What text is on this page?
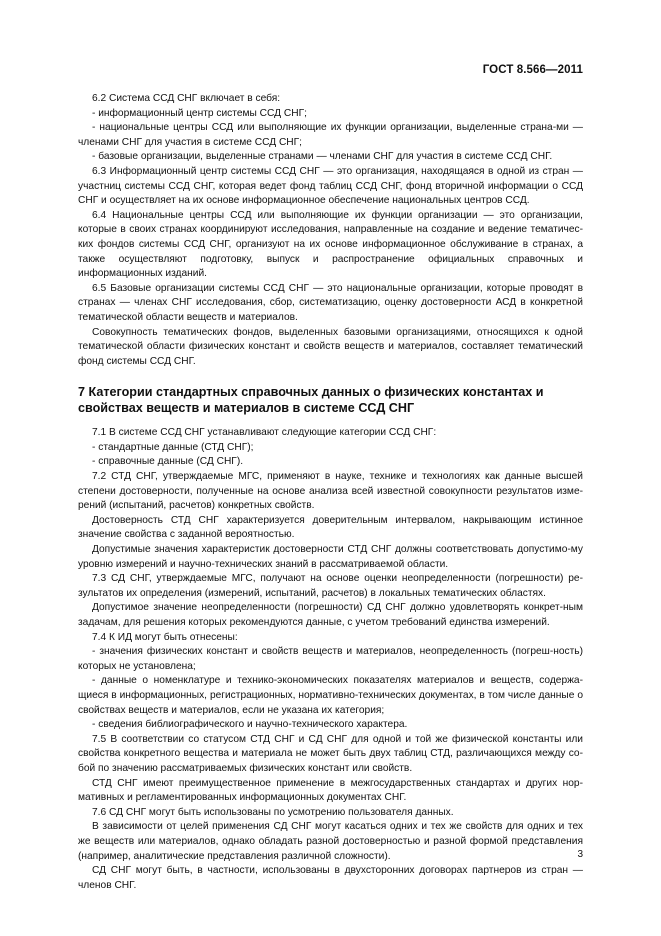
ГОСТ 8.566—2011

6.2 Система ССД СНГ включает в себя:

- информационный центр системы ССД СНГ;

- национальные центры ССД или выполняющие их функции организации, выделенные страна-ми — членами СНГ для участия в системе ССД СНГ;

- базовые организации, выделенные странами — членами СНГ для участия в системе ССД СНГ.

6.3 Информационный центр системы ССД СНГ — это организация, находящаяся в одной из стран — участниц системы ССД СНГ, которая ведет фонд таблиц ССД СНГ, фонд вторичной информации о ССД СНГ и осуществляет на их основе информационное обеспечение национальных центров ССД.

6.4 Национальные центры ССД или выполняющие их функции организации — это организации, которые в своих странах координируют исследования, направленные на создание и ведение тематичес-ких фондов системы ССД СНГ, организуют на их основе информационное обслуживание в странах, а также осуществляют подготовку, выпуск и распространение официальных справочных и информационных изданий.

6.5 Базовые организации системы ССД СНГ — это национальные организации, которые проводят в странах — членах СНГ исследования, сбор, систематизацию, оценку достоверности АСД в конкретной тематической области веществ и материалов.

Совокупность тематических фондов, выделенных базовыми организациями, относящихся к одной тематической области физических констант и свойств веществ и материалов, составляет тематический фонд системы ССД СНГ.

7 Категории стандартных справочных данных о физических константах и свойствах веществ и материалов в системе ССД СНГ

7.1 В системе ССД СНГ устанавливают следующие категории ССД СНГ:

- стандартные данные (СТД СНГ);

- справочные данные (СД СНГ).

7.2 СТД СНГ, утверждаемые МГС, применяют в науке, технике и технологиях как данные высшей степени достоверности, полученные на основе анализа всей известной совокупности результатов изме-рений (испытаний, расчетов) конкретных свойств.

Достоверность СТД СНГ характеризуется доверительным интервалом, накрывающим истинное значение свойства с заданной вероятностью.

Допустимые значения характеристик достоверности СТД СНГ должны соответствовать допустимо-му уровню измерений и научно-технических знаний в рассматриваемой области.

7.3 СД СНГ, утверждаемые МГС, получают на основе оценки неопределенности (погрешности) ре-зультатов их определения (измерений, испытаний, расчетов) в локальных тематических областях.

Допустимое значение неопределенности (погрешности) СД СНГ должно удовлетворять конкрет-ным задачам, для решения которых рекомендуются данные, с учетом требований единства измерений.

7.4 К ИД могут быть отнесены:

- значения физических констант и свойств веществ и материалов, неопределенность (погреш-ность) которых не установлена;

- данные о номенклатуре и технико-экономических показателях материалов и веществ, содержа-щиеся в информационных, регистрационных, нормативно-технических документах, в том числе данные о свойствах веществ и материалов, если не указана их категория;

- сведения библиографического и научно-технического характера.

7.5 В соответствии со статусом СТД СНГ и СД СНГ для одной и той же физической константы или свойства конкретного вещества и материала не может быть двух таблиц СТД, различающихся между со-бой по значению рассматриваемых физических констант или свойств.

СТД СНГ имеют преимущественное применение в межгосударственных стандартах и других нор-мативных и регламентированных информационных документах СНГ.

7.6 СД СНГ могут быть использованы по усмотрению пользователя данных.

В зависимости от целей применения СД СНГ могут касаться одних и тех же свойств для одних и тех же веществ или материалов, однако обладать разной достоверностью и разной формой представления (например, аналитические представления различной сложности).

СД СНГ могут быть, в частности, использованы в двухсторонних договорах партнеров из стран — членов СНГ.

3
